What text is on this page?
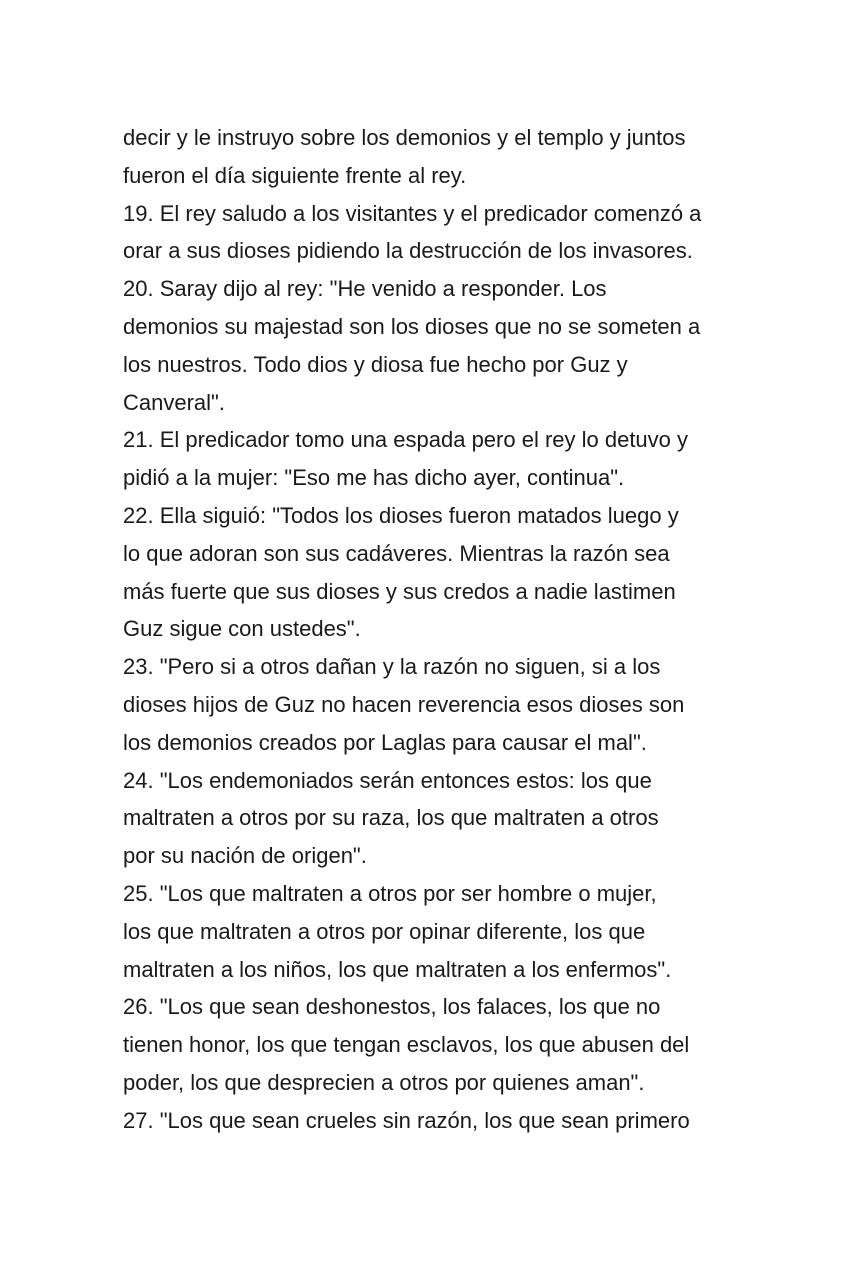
decir y le instruyo sobre los demonios y el templo y juntos
fueron el día siguiente frente al rey.
19. El rey saludo a los visitantes y el predicador comenzó a
orar a sus dioses pidiendo la destrucción de los invasores.
20. Saray dijo al rey: "He venido a responder. Los
demonios su majestad son los dioses que no se someten a
los nuestros. Todo dios y diosa fue hecho por Guz y
Canveral".
21. El predicador tomo una espada pero el rey lo detuvo y
pidió a la mujer: "Eso me has dicho ayer, continua".
22. Ella siguió: "Todos los dioses fueron matados luego y
lo que adoran son sus cadáveres. Mientras la razón sea
más fuerte que sus dioses y sus credos a nadie lastimen
Guz sigue con ustedes".
23. "Pero si a otros dañan y la razón no siguen, si a los
dioses hijos de Guz no hacen reverencia esos dioses son
los demonios creados por Laglas para causar el mal".
24. "Los endemoniados serán entonces estos: los que
maltraten a otros por su raza, los que maltraten a otros
por su nación de origen".
25. "Los que maltraten a otros por ser hombre o mujer,
los que maltraten a otros por opinar diferente, los que
maltraten a los niños, los que maltraten a los enfermos".
26. "Los que sean deshonestos, los falaces, los que no
tienen honor, los que tengan esclavos, los que abusen del
poder, los que desprecien a otros por quienes aman".
27. "Los que sean crueles sin razón, los que sean primero
